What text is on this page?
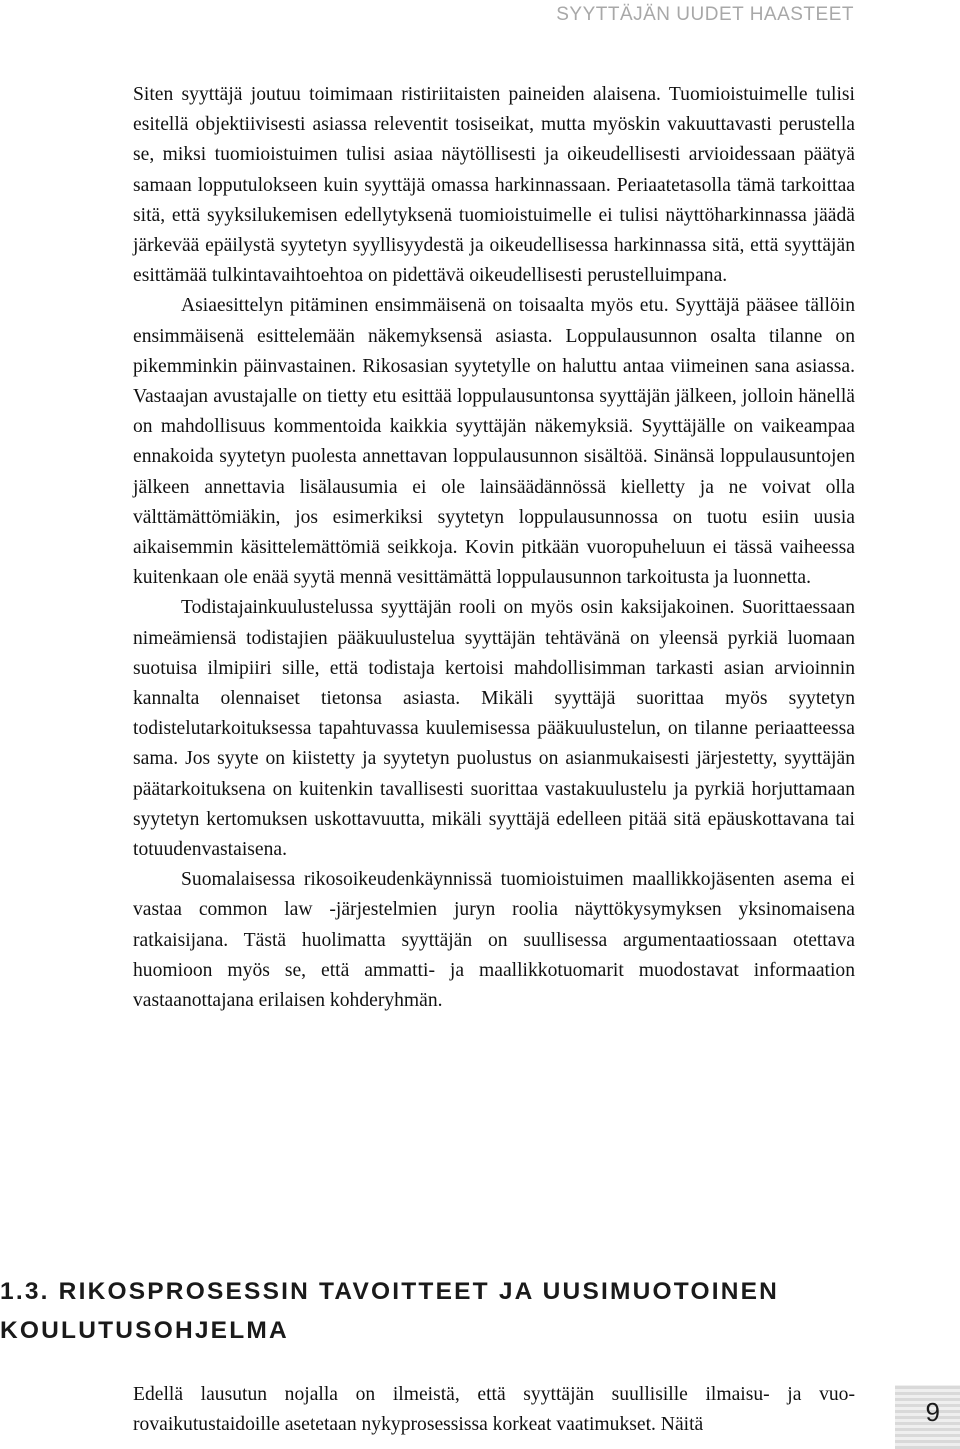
SYYTTÄJÄN UUDET HAASTEET

Siten syyttäjä joutuu toimimaan ristiriitaisten paineiden alaisena. Tuomioistuimelle tulisi esitellä objektiivisesti asiassa releventit tosiseikat, mutta myöskin vakuuttavasti perustella se, miksi tuomioistuimen tulisi asiaa näytöllisesti ja oikeudellisesti arvioidessaan päätyä samaan lopputulokseen kuin syyttäjä omassa harkinnassaan. Periaatetasolla tämä tarkoittaa sitä, että syyksilukemisen edellytyksenä tuomioistuimelle ei tulisi näyttöharkinnassa jäädä järkevää epäilystä syytetyn syyllisyydestä ja oikeudellisessa harkinnassa sitä, että syyttäjän esittämää tulkintavaihtoehtoa on pidettävä oikeudellisesti perustelluimpana.

Asiaesittelyn pitäminen ensimmäisenä on toisaalta myös etu. Syyttäjä pääsee tällöin ensimmäisenä esittelemään näkemyksensä asiasta. Loppulausunnon osalta tilanne on pikemminkin päinvastainen. Rikosasian syytetylle on haluttu antaa viimeinen sana asiassa. Vastaajan avustajalle on tietty etu esittää loppulausuntonsa syyttäjän jälkeen, jolloin hänellä on mahdollisuus kommentoida kaikkia syyttäjän näkemyksiä. Syyttäjälle on vaikeampaa ennakoida syytetyn puolesta annettavan loppulausunnon sisältöä. Sinänsä loppulausuntojen jälkeen annettavia lisälausumia ei ole lainsäädännössä kielletty ja ne voivat olla välttämättömiäkin, jos esimerkiksi syytetyn loppulausunnossa on tuotu esiin uusia aikaisemmin käsittelemättömiä seikkoja. Kovin pitkään vuoropuheluun ei tässä vaiheessa kuitenkaan ole enää syytä mennä vesittämättä loppulausunnon tarkoitusta ja luonnetta.

Todistajainkuulustelussa syyttäjän rooli on myös osin kaksijakoinen. Suorittaessaan nimeämiensä todistajien pääkuulustelua syyttäjän tehtävänä on yleensä pyrkiä luomaan suotuisa ilmipiiri sille, että todistaja kertoisi mahdollisimman tarkasti asian arvioinnin kannalta olennaiset tietonsa asiasta. Mikäli syyttäjä suorittaa myös syytetyn todistelutarkoituksessa tapahtuvassa kuulemisessa pääkuulustelun, on tilanne periaatteessa sama. Jos syyte on kiistetty ja syytetyn puolustus on asianmukaisesti järjestetty, syyttäjän päätarkoituksena on kuitenkin tavallisesti suorittaa vastakuulustelu ja pyrkiä horjuttamaan syytetyn kertomuksen uskottavuutta, mikäli syyttäjä edelleen pitää sitä epäuskottavana tai totuudenvastaisena.

Suomalaisessa rikosoikeudenkäynnissä tuomioistuimen maallikkojäsenten asema ei vastaa common law -järjestelmien juryn roolia näyttökysymyksen yksinomaisena ratkaisijana. Tästä huolimatta syyttäjän on suullisessa argumentaatiossaan otettava huomioon myös se, että ammatti- ja maallikkotuomarit muodostavat informaation vastaanottajana erilaisen kohderyhmän.

1.3. RIKOSPROSESSIN TAVOITTEET JA UUSIMUOTOINEN KOULUTUSOHJELMA

Edellä lausutun nojalla on ilmeistä, että syyttäjän suullisille ilmaisu- ja vuorovaikutustaidoille asetetaan nykyprosessissa korkeat vaatimukset. Näitä	9
